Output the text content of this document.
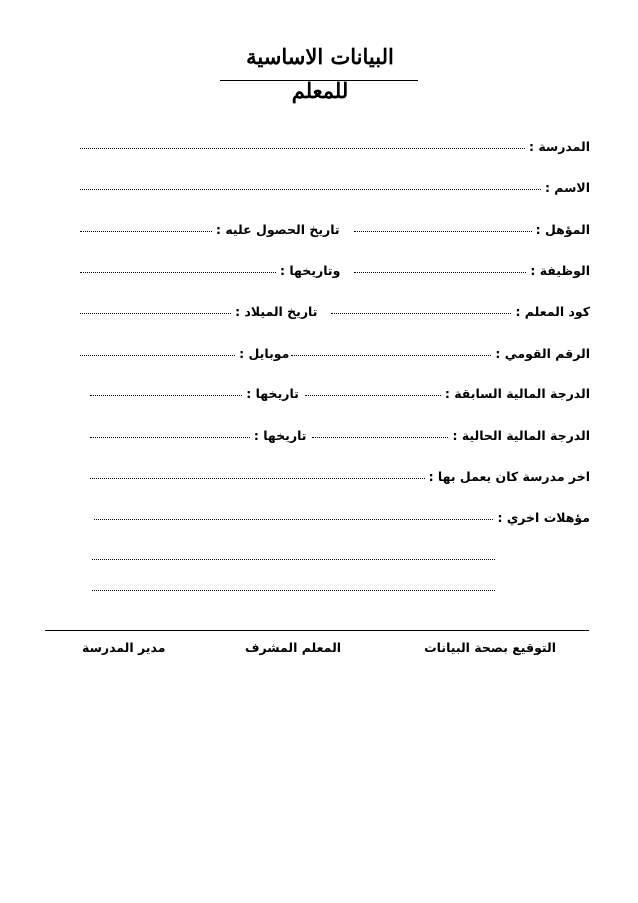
البيانات الاساسية للمعلم
المدرسة :
الاسم :
المؤهل :
تاريخ الحصول عليه :
الوظيفة :
وتاريخها :
كود المعلم :
تاريخ الميلاد :
الرقم القومي :
موبايل :
الدرجة المالية السابقة :
تاريخها :
الدرجة المالية الحالية :
تاريخها :
اخر مدرسة كان يعمل بها :
مؤهلات اخري :
التوقيع بصحة البيانات
المعلم المشرف
مدير المدرسة
